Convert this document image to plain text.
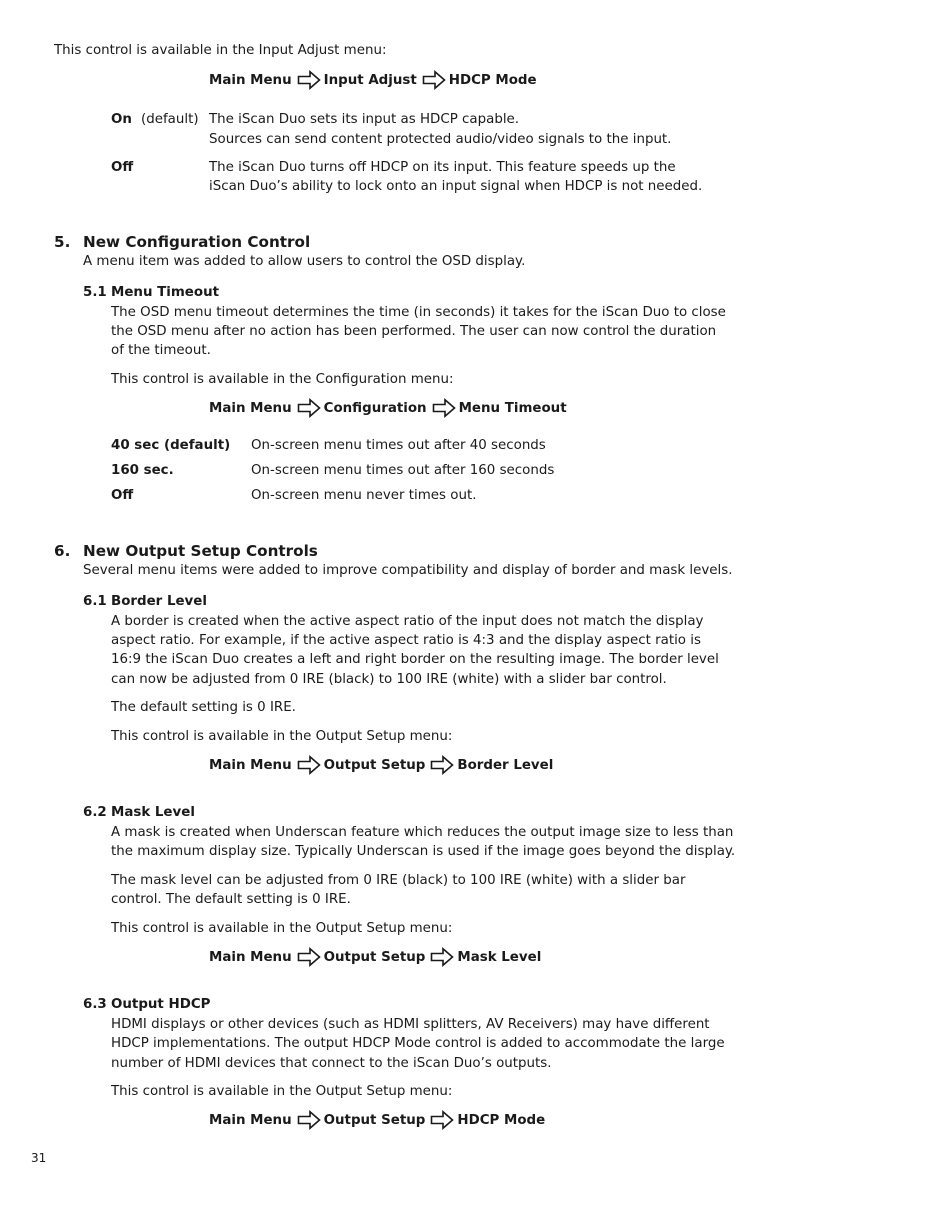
This control is available in the Input Adjust menu:
Main Menu Input Adjust HDCP Mode
On (default) The iScan Duo sets its input as HDCP capable.
Sources can send content protected audio/video signals to the input.
Off	The iScan Duo turns off HDCP on its input. This feature speeds up the
iScan Duo’s ability to lock onto an input signal when HDCP is not needed.
5. New Configuration Control
A menu item was added to allow users to control the OSD display.
5.1 Menu Timeout
The OSD menu timeout determines the time (in seconds) it takes for the iScan Duo to close
the OSD menu after no action has been performed. The user can now control the duration
of the timeout.
This control is available in the Configuration menu:
Main Menu Configuration Menu Timeout
40 sec (default) On-screen menu times out after 40 seconds
160 sec.	On-screen menu times out after 160 seconds
Off	On-screen menu never times out.
6. New Output Setup Controls
Several menu items were added to improve compatibility and display of border and mask levels.
6.1 Border Level
A border is created when the active aspect ratio of the input does not match the display
aspect ratio. For example, if the active aspect ratio is 4:3 and the display aspect ratio is
16:9 the iScan Duo creates a left and right border on the resulting image. The border level
can now be adjusted from 0 IRE (black) to 100 IRE (white) with a slider bar control.
The default setting is 0 IRE.
This control is available in the Output Setup menu:
Main Menu Output Setup Border Level
6.2 Mask Level
A mask is created when Underscan feature which reduces the output image size to less than
the maximum display size. Typically Underscan is used if the image goes beyond the display.
The mask level can be adjusted from 0 IRE (black) to 100 IRE (white) with a slider bar
control. The default setting is 0 IRE.
This control is available in the Output Setup menu:
Main Menu Output Setup Mask Level
6.3 Output HDCP
HDMI displays or other devices (such as HDMI splitters, AV Receivers) may have different
HDCP implementations. The output HDCP Mode control is added to accommodate the large
number of HDMI devices that connect to the iScan Duo’s outputs.
This control is available in the Output Setup menu:
Main Menu Output Setup HDCP Mode
31
